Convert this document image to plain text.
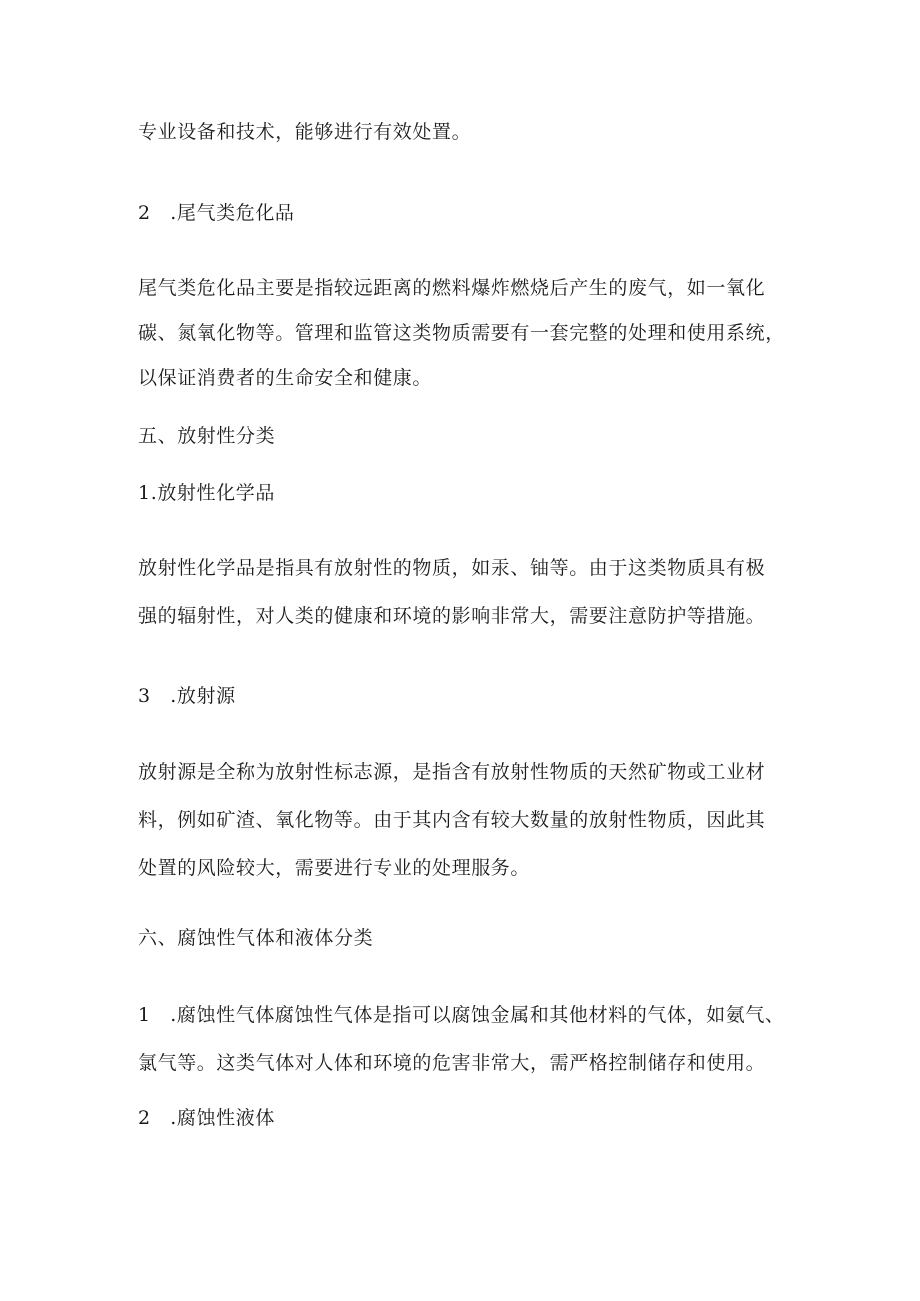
专业设备和技术，能够进行有效处置。
2　.尾气类危化品
尾气类危化品主要是指较远距离的燃料爆炸燃烧后产生的废气，如一氧化
碳、氮氧化物等。管理和监管这类物质需要有一套完整的处理和使用系统，
以保证消费者的生命安全和健康。
五、放射性分类
1.放射性化学品
放射性化学品是指具有放射性的物质，如汞、铀等。由于这类物质具有极
强的辐射性，对人类的健康和环境的影响非常大，需要注意防护等措施。
3　.放射源
放射源是全称为放射性标志源，是指含有放射性物质的天然矿物或工业材
料，例如矿渣、氧化物等。由于其内含有较大数量的放射性物质，因此其
处置的风险较大，需要进行专业的处理服务。
六、腐蚀性气体和液体分类
1　.腐蚀性气体腐蚀性气体是指可以腐蚀金属和其他材料的气体，如氨气、
氯气等。这类气体对人体和环境的危害非常大，需严格控制储存和使用。
2　.腐蚀性液体
